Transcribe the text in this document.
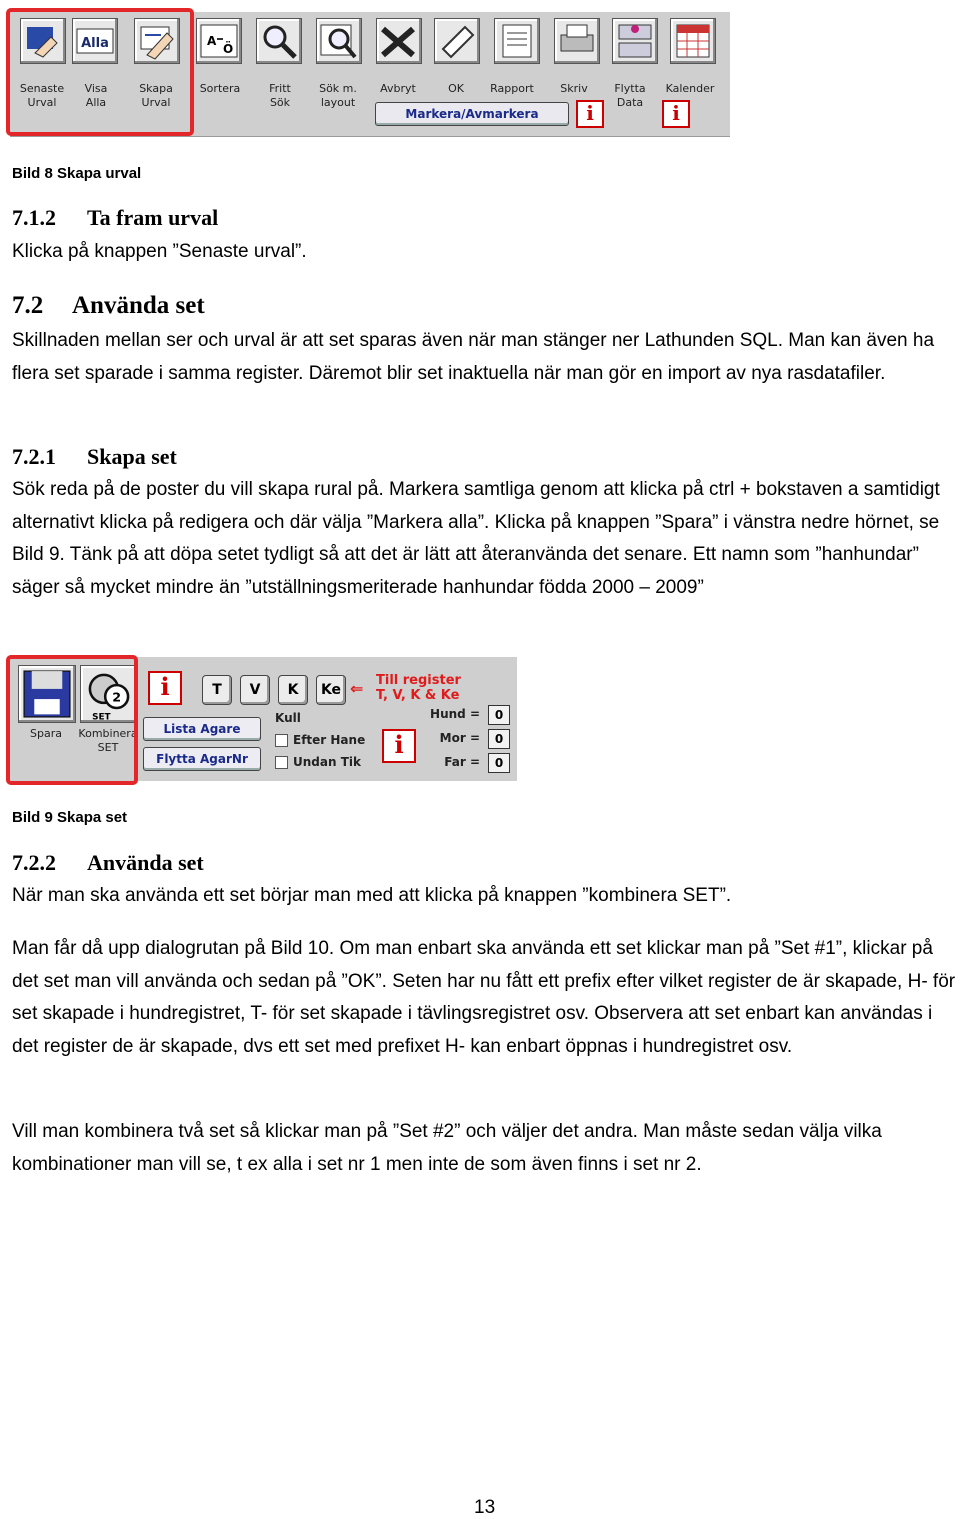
Alla	A
Ö
Senaste
Urval
Visa
Alla
Skapa
Urval
Sortera	Fritt
Sök
Sök m.
layout
Avbryt	OK	Rapport	Skriv	Flytta
Data
Kalender
Markera/Avmarkera	i	i
Bild 8 Skapa urval
7.1.2 Ta fram urval
Klicka på knappen ”Senaste urval”.
7.2 Använda set
Skillnaden mellan ser och urval är att set sparas även när man stänger ner Lathunden SQL. Man kan även ha flera set sparade i samma register. Däremot blir set inaktuella när man gör en import av nya rasdatafiler.
7.2.1 Skapa set
Sök reda på de poster du vill skapa rural på. Markera samtliga genom att klicka på ctrl + bokstaven a samtidigt alternativt klicka på redigera och där välja ”Markera alla”. Klicka på knappen ”Spara” i vänstra nedre hörnet, se Bild 9. Tänk på att döpa setet tydligt så att det är lätt att återanvända det senare. Ett namn som ”hanhundar” säger så mycket mindre än ”utställningsmeriterade hanhundar födda 2000 – 2009”
2
SET
Spara	Kombinera
SET
i	T	V	K	Ke ⇐ Till register
T, V, K & Ke
Lista Agare
Flytta AgarNr
Kull
Efter Hane
Undan Tik
i
Hund =
Mor =
Far =
0
0
0
Bild 9 Skapa set
7.2.2 Använda set
När man ska använda ett set börjar man med att klicka på knappen ”kombinera SET”.
Man får då upp dialogrutan på Bild 10. Om man enbart ska använda ett set klickar man på ”Set #1”, klickar på det set man vill använda och sedan på ”OK”. Seten har nu fått ett prefix efter vilket register de är skapade, H- för set skapade i hundregistret, T- för set skapade i tävlingsregistret osv. Observera att set enbart kan användas i det register de är skapade, dvs ett set med prefixet H- kan enbart öppnas i hundregistret osv.
Vill man kombinera två set så klickar man på ”Set #2” och väljer det andra. Man måste sedan välja vilka kombinationer man vill se, t ex alla i set nr 1 men inte de som även finns i set nr 2.
13
